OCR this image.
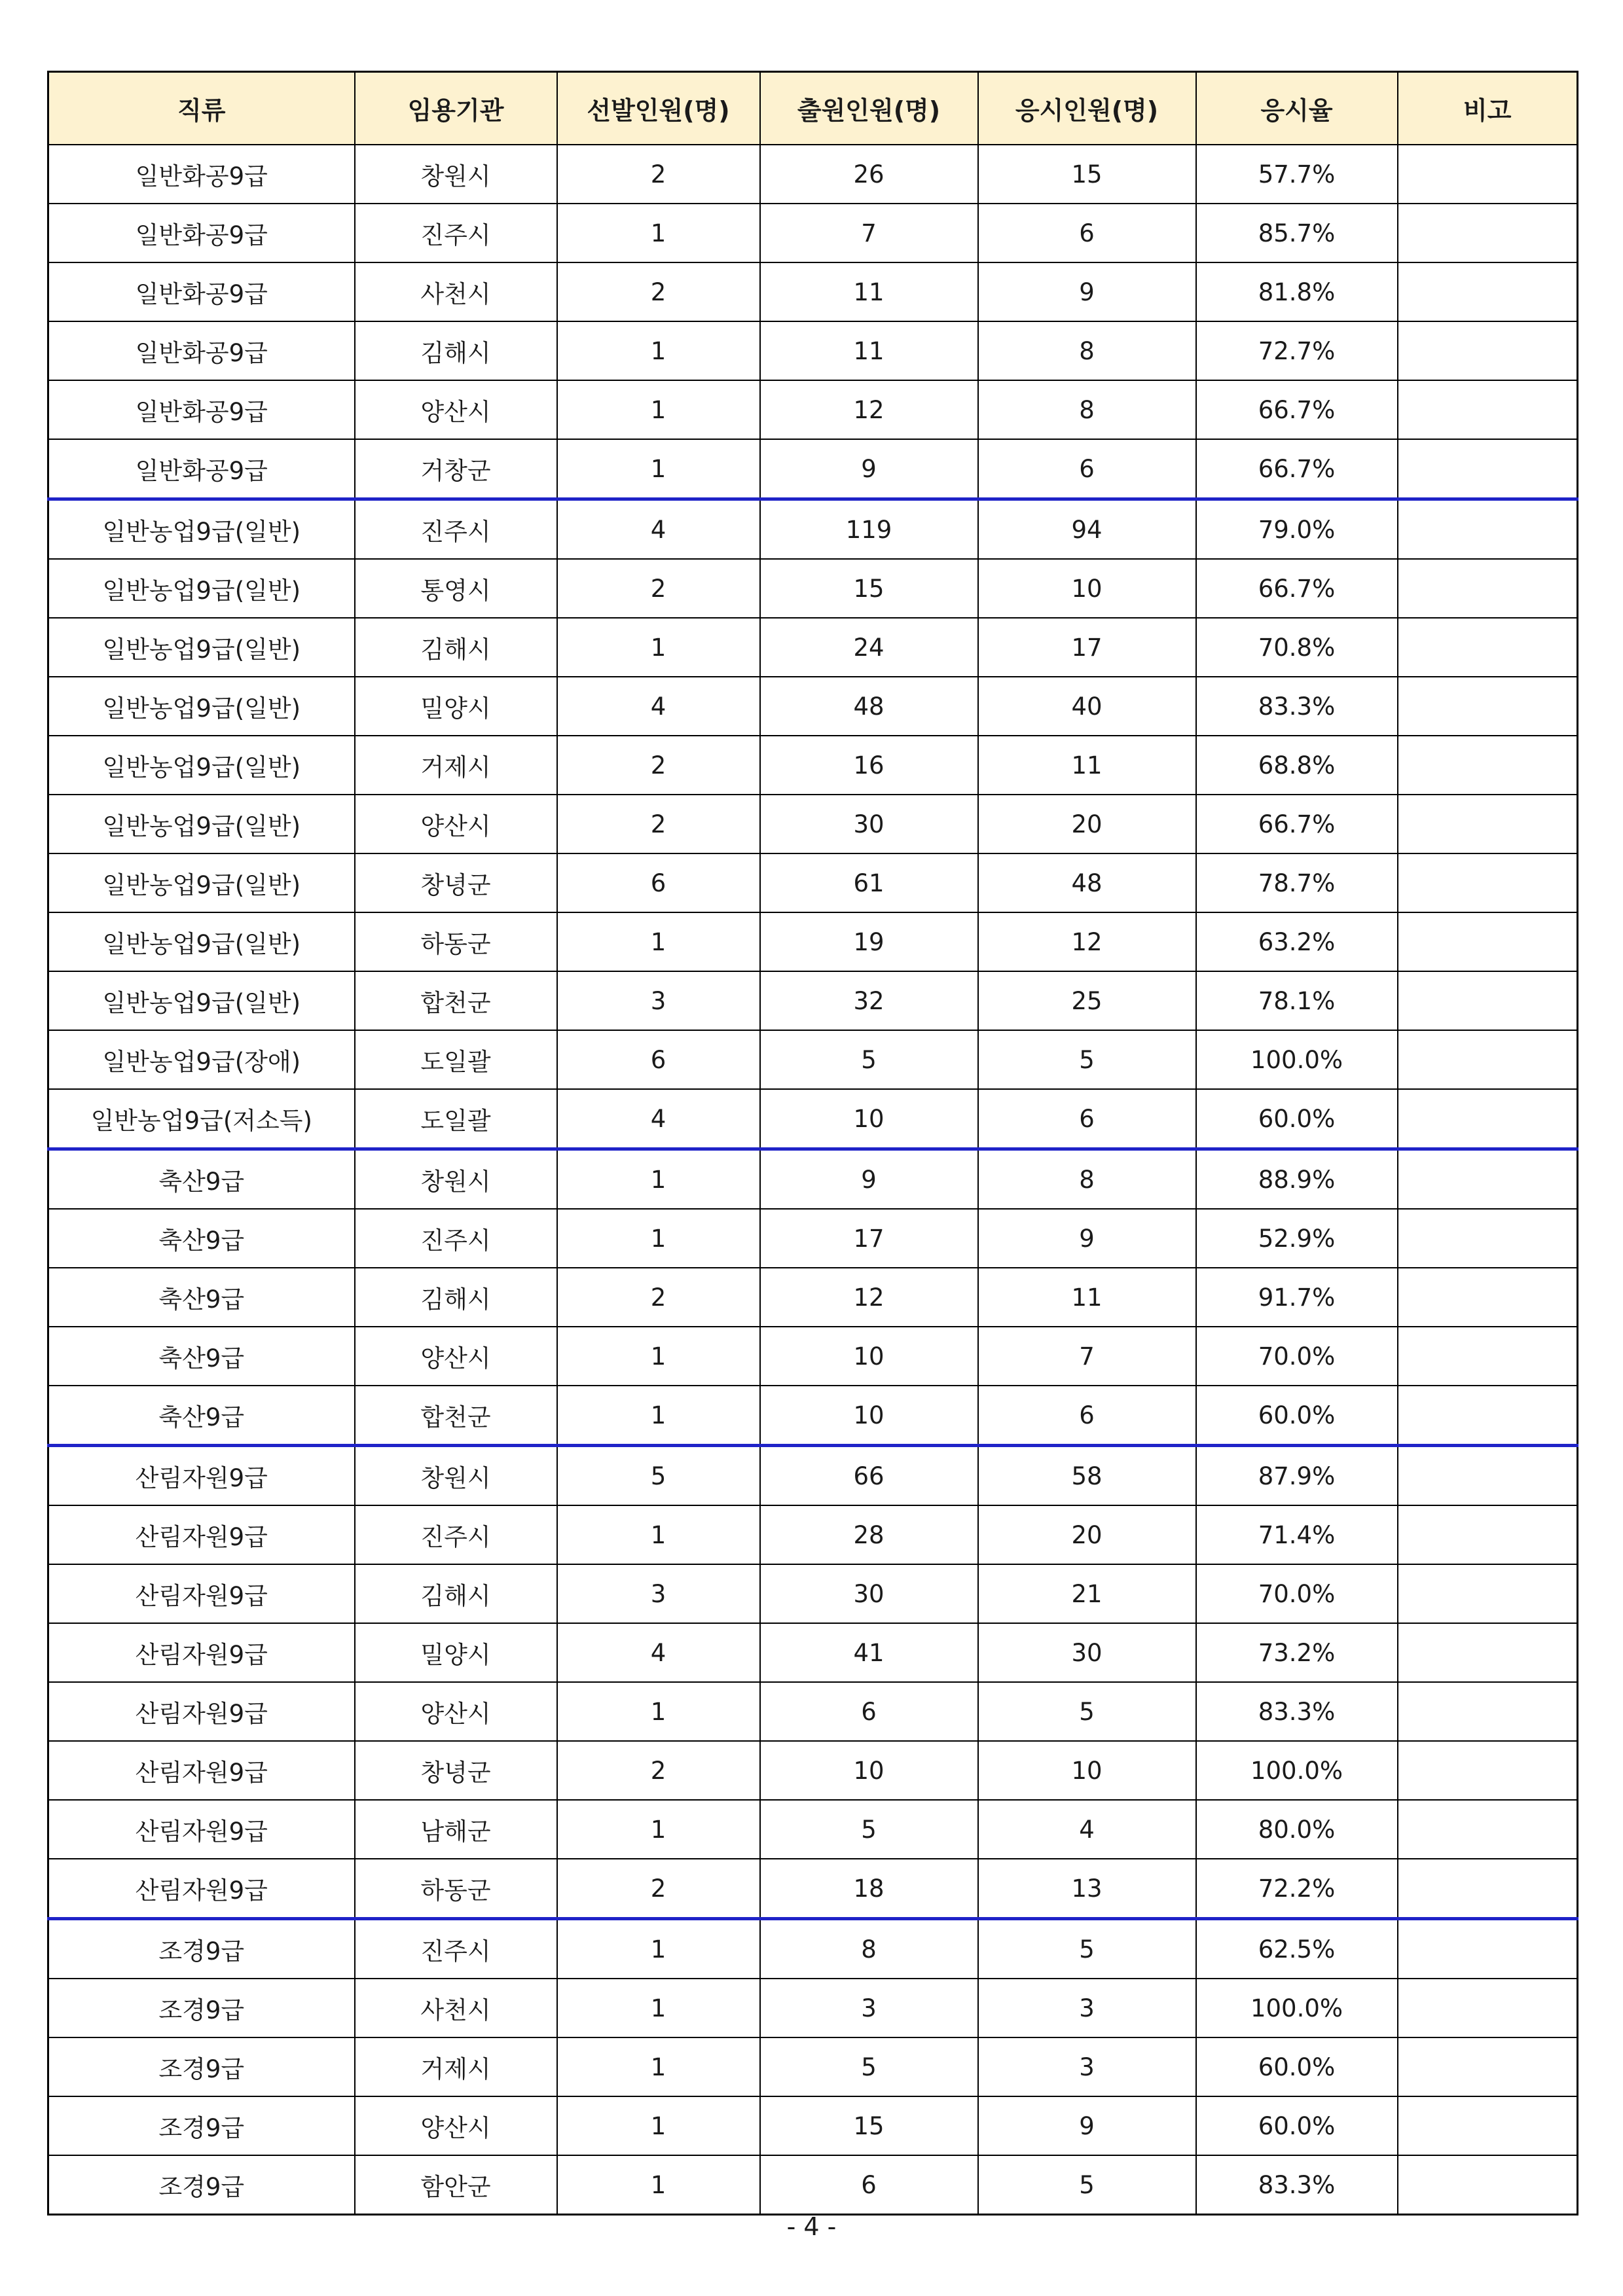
직류	임용기관	선발인원(명)	출원인원(명)	응시인원(명)	응시율	비고
일반화공9급	창원시	2	26	15	57.7%	
일반화공9급	진주시	1	7	6	85.7%	
일반화공9급	사천시	2	11	9	81.8%	
일반화공9급	김해시	1	11	8	72.7%	
일반화공9급	양산시	1	12	8	66.7%	
일반화공9급	거창군	1	9	6	66.7%	
일반농업9급(일반)	진주시	4	119	94	79.0%	
일반농업9급(일반)	통영시	2	15	10	66.7%	
일반농업9급(일반)	김해시	1	24	17	70.8%	
일반농업9급(일반)	밀양시	4	48	40	83.3%	
일반농업9급(일반)	거제시	2	16	11	68.8%	
일반농업9급(일반)	양산시	2	30	20	66.7%	
일반농업9급(일반)	창녕군	6	61	48	78.7%	
일반농업9급(일반)	하동군	1	19	12	63.2%	
일반농업9급(일반)	합천군	3	32	25	78.1%	
일반농업9급(장애)	도일괄	6	5	5	100.0%	
일반농업9급(저소득)	도일괄	4	10	6	60.0%	
축산9급	창원시	1	9	8	88.9%	
축산9급	진주시	1	17	9	52.9%	
축산9급	김해시	2	12	11	91.7%	
축산9급	양산시	1	10	7	70.0%	
축산9급	합천군	1	10	6	60.0%	
산림자원9급	창원시	5	66	58	87.9%	
산림자원9급	진주시	1	28	20	71.4%	
산림자원9급	김해시	3	30	21	70.0%	
산림자원9급	밀양시	4	41	30	73.2%	
산림자원9급	양산시	1	6	5	83.3%	
산림자원9급	창녕군	2	10	10	100.0%	
산림자원9급	남해군	1	5	4	80.0%	
산림자원9급	하동군	2	18	13	72.2%	
조경9급	진주시	1	8	5	62.5%	
조경9급	사천시	1	3	3	100.0%	
조경9급	거제시	1	5	3	60.0%	
조경9급	양산시	1	15	9	60.0%	
조경9급	함안군	1	6	5	83.3%	
- 4 -
